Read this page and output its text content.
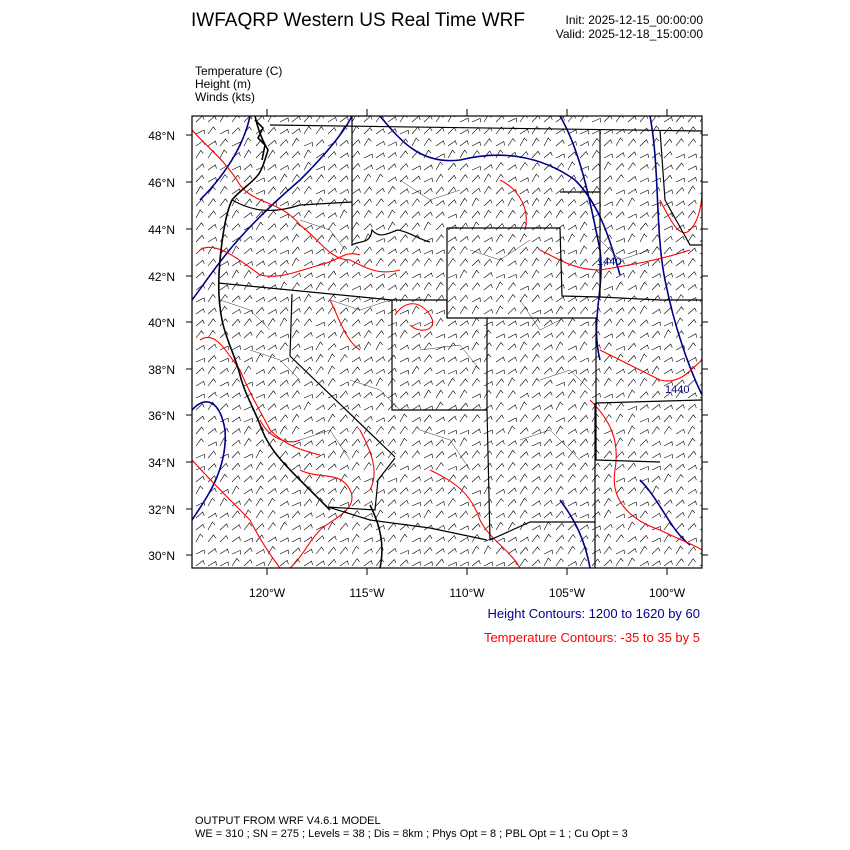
IWFAQRP Western US Real Time WRF	Init: 2025-12-15_00:00:00
Valid: 2025-12-18_15:00:00
Temperature (C)
Height (m)
Winds (kts)
1440
1440
48°N
46°N
44°N
42°N
40°N
38°N
36°N
34°N
32°N
30°N
120°W	115°W	110°W	105°W	100°W
Height Contours: 1200 to 1620 by 60
Temperature Contours: -35 to 35 by 5
OUTPUT FROM WRF V4.6.1 MODEL
WE = 310 ; SN = 275 ; Levels = 38 ; Dis = 8km ; Phys Opt = 8 ; PBL Opt = 1 ; Cu Opt = 3
